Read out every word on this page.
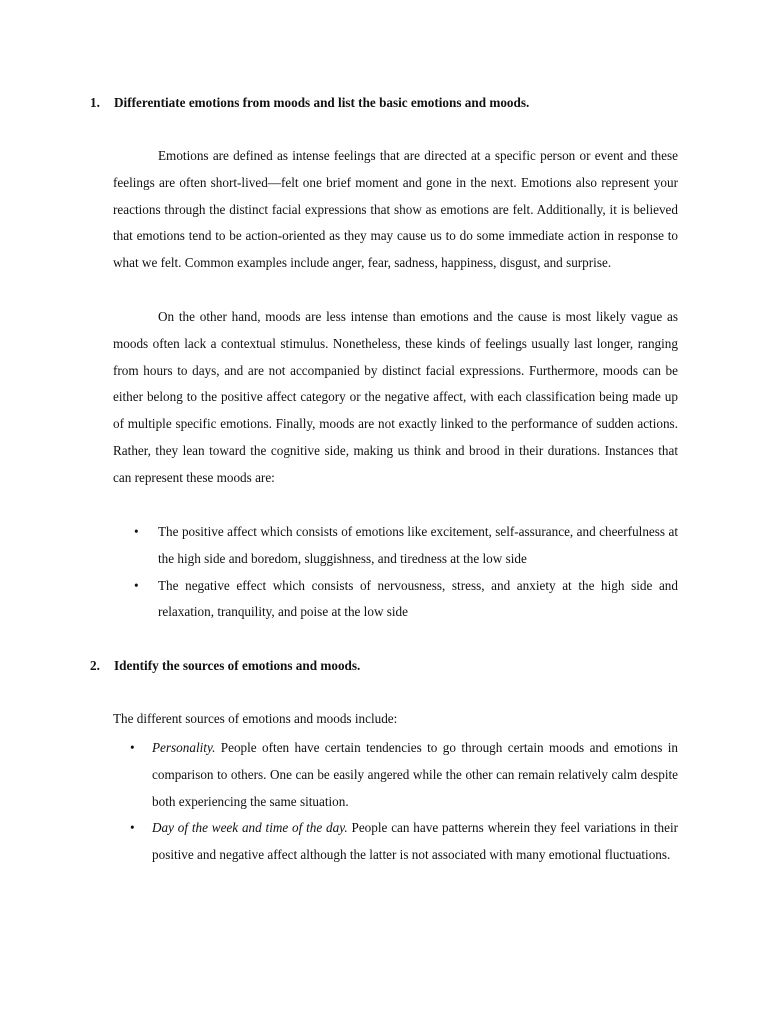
1. Differentiate emotions from moods and list the basic emotions and moods.

Emotions are defined as intense feelings that are directed at a specific person or event and these feelings are often short-lived—felt one brief moment and gone in the next. Emotions also represent your reactions through the distinct facial expressions that show as emotions are felt. Additionally, it is believed that emotions tend to be action-oriented as they may cause us to do some immediate action in response to what we felt. Common examples include anger, fear, sadness, happiness, disgust, and surprise.

On the other hand, moods are less intense than emotions and the cause is most likely vague as moods often lack a contextual stimulus. Nonetheless, these kinds of feelings usually last longer, ranging from hours to days, and are not accompanied by distinct facial expressions. Furthermore, moods can be either belong to the positive affect category or the negative affect, with each classification being made up of multiple specific emotions. Finally, moods are not exactly linked to the performance of sudden actions. Rather, they lean toward the cognitive side, making us think and brood in their durations. Instances that can represent these moods are:

• The positive affect which consists of emotions like excitement, self-assurance, and cheerfulness at the high side and boredom, sluggishness, and tiredness at the low side
• The negative effect which consists of nervousness, stress, and anxiety at the high side and relaxation, tranquility, and poise at the low side
2. Identify the sources of emotions and moods.

The different sources of emotions and moods include:

• Personality. People often have certain tendencies to go through certain moods and emotions in comparison to others. One can be easily angered while the other can remain relatively calm despite both experiencing the same situation.
• Day of the week and time of the day. People can have patterns wherein they feel variations in their positive and negative affect although the latter is not associated with many emotional fluctuations.
